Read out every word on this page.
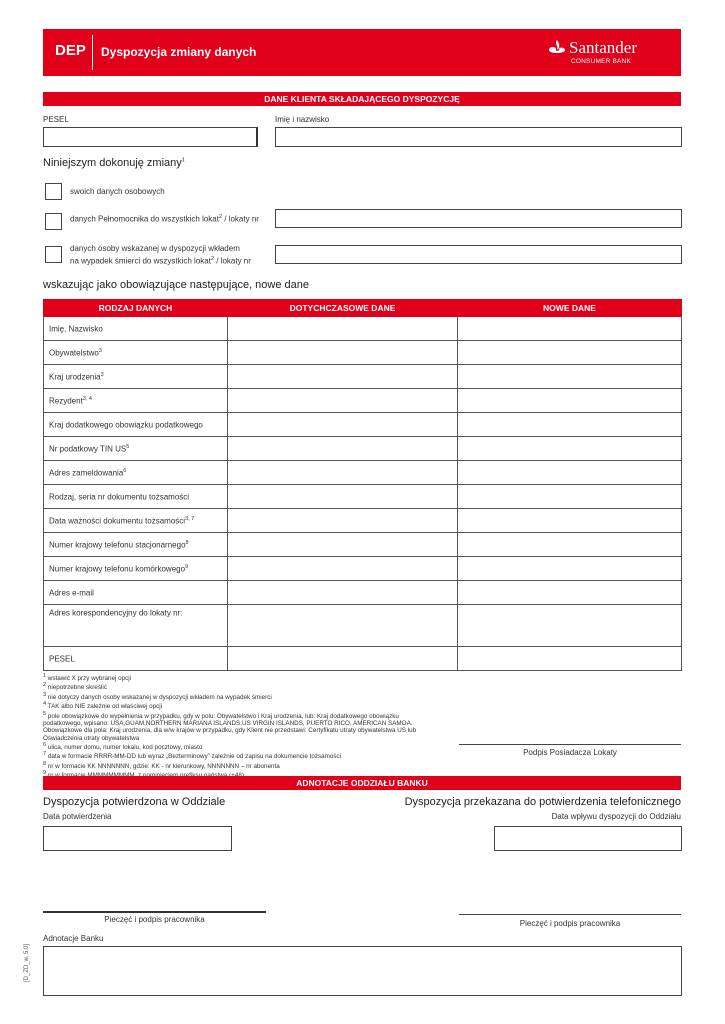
DEP Dyspozycja zmiany danych	Santander
CONSUMER BANK
DANE KLIENTA SKŁADAJĄCEGO DYSPOZYCJĘ
PESEL	Imię i nazwisko
Niniejszym dokonuję zmiany$^1$
swoich danych osobowych
danych Pełnomocnika do wszystkich lokat$^2$ / lokaty nr
danych osoby wskazanej w dyspozycji wkładem
na wypadek śmierci do wszystkich lokat$^2$ / lokaty nr
wskazując jako obowiązujące następujące, nowe dane
RODZAJ DANYCH	DOTYCHCZASOWE DANE	NOWE DANE
Imię, Nazwisko		
Obywatelstwo$^3$		
Kraj urodzenia$^3$		
Rezydent$^{3, 4}$		
Kraj dodatkowego obowiązku podatkowego		
Nr podatkowy TIN $US^5$		
Adres zameldowania$^6$		
Rodzaj, seria nr dokumentu tożsamości		
Data ważności dokumentu tożsamości$^{3, 7}$		
Numer krajowy telefonu stacjonarnego$^8$		
Numer krajowy telefonu komórkowego$^9$		
Adres e-mail		
Adres korespondencyjny do lokaty nr:		
PESEL		
$^1$ wstawić X przy wybranej opcji
$^2$ niepotrzebne skreślić
$^3$ nie dotyczy danych osoby wskazanej w dyspozycji wkładem na wypadek śmierci
$^4$ TAK albo NIE zależnie od właściwej opcji
$^5$ pole obowiązkowe do wypełnienia w przypadku, gdy w polu: Obywatelstwo i Kraj urodzenia, lub: Kraj dodatkowego obowiązku podatkowego, wpisano: USA,GUAM,NORTHERN MARIANA ISLANDS,US VIRGIN ISLANDS, PUERTO RICO, AMERICAN SAMOA. Obowiązkowe dla pola: Kraj urodzenia, dla w/w krajów w przypadku, gdy Klient nie przedstawi: Certyfikatu utraty obywatelstwa US lub Oświadczenia utraty obywatelstwa
$^6$ ulica, numer domu, numer lokalu, kod pocztowy, miasto
$^7$ data w formacie RRRR-MM-DD lub wyraz „Bezterminowy” zależnie od zapisu na dokumencie tożsamości
$^8$ nr w formacie KK NNNNNNN, gdzie: KK - nr kierunkowy, NNNNNNN – nr abonenta
$^9$
Podpis Posiadacza Lokaty
ADNOTACJE ODDZIAŁU BANKU
Dyspozycja potwierdzona w Oddziale
Data potwierdzenia
Dyspozycja przekazana do potwierdzenia telefonicznego
Data wpływu dyspozycji do Oddziału
Pieczęć i podpis pracownika	Pieczęć i podpis pracownika
Adnotacje Banku
[D_ZD_w. 5.0]
